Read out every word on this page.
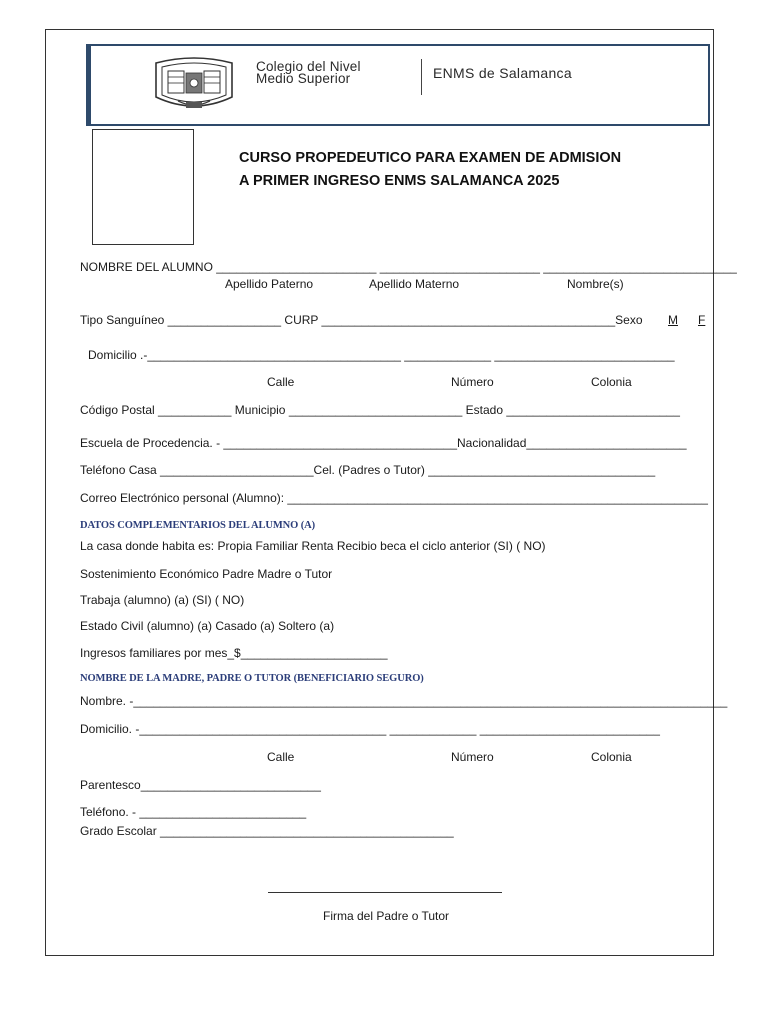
Colegio del Nivel
Medio Superior	ENMS de Salamanca
CURSO PROPEDEUTICO PARA EXAMEN DE ADMISION
A PRIMER INGRESO ENMS SALAMANCA 2025
NOMBRE DEL ALUMNO ________________________ ________________________ _____________________________
Apellido Paterno	Apellido Materno	Nombre(s)
Tipo Sanguíneo _________________ CURP ____________________________________________Sexo M F
Domicilio .-______________________________________ _____________ ___________________________
Calle	Número	Colonia
Código Postal ___________ Municipio __________________________ Estado __________________________
Escuela de Procedencia. - ___________________________________Nacionalidad________________________
Teléfono Casa _______________________Cel. (Padres o Tutor) __________________________________
Correo Electrónico personal (Alumno): _______________________________________________________________
DATOS COMPLEMENTARIOS DEL ALUMNO (A)
La casa donde habita es: Propia Familiar Renta Recibio beca el ciclo anterior (SI) ( NO)
Sostenimiento Económico Padre Madre o Tutor
Trabaja (alumno) (a) (SI) ( NO)
Estado Civil (alumno) (a) Casado (a) Soltero (a)
Ingresos familiares por mes_$______________________
NOMBRE DE LA MADRE, PADRE O TUTOR (BENEFICIARIO SEGURO)
Nombre. -_________________________________________________________________________________________
Domicilio. -_____________________________________ _____________ ___________________________
Calle	Número	Colonia
Parentesco___________________________
Teléfono. - _________________________
Grado Escolar ____________________________________________
Firma del Padre o Tutor
